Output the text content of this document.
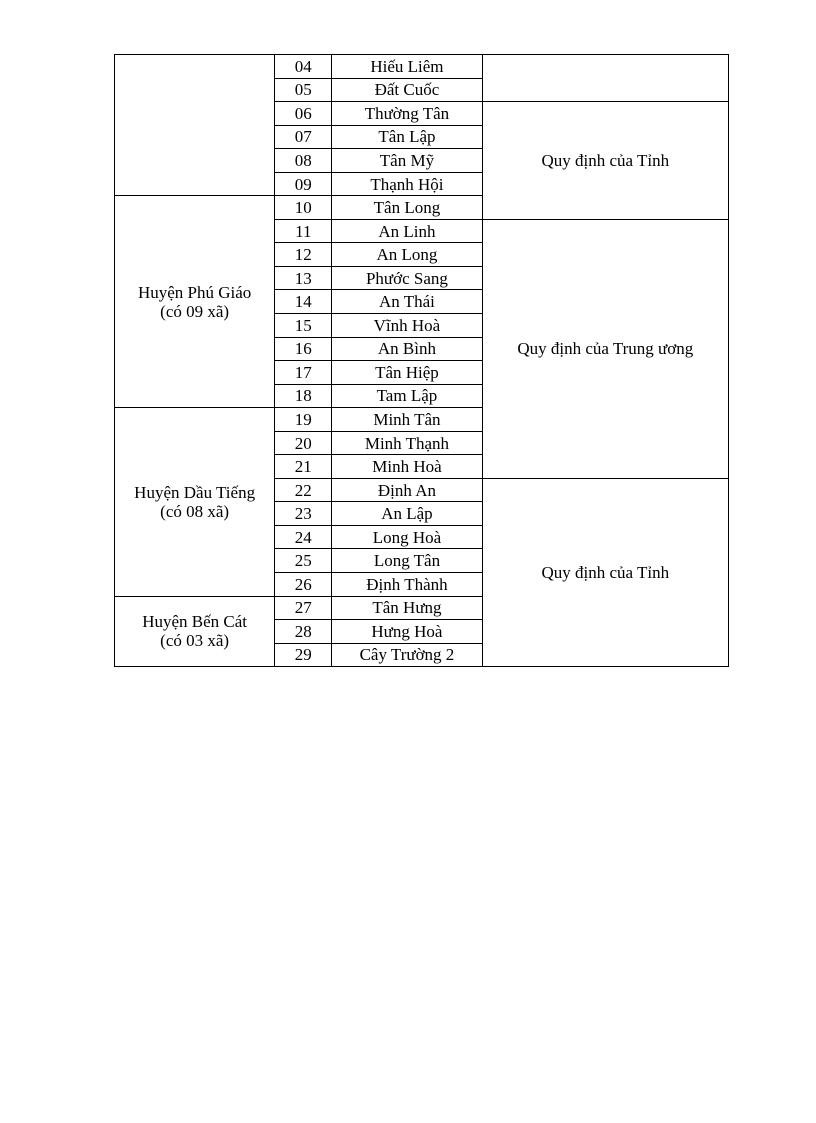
	04	Hiếu Liêm	
	05	Đất Cuốc	
	06	Thường Tân	Quy định của Tỉnh
	07	Tân Lập	
	08	Tân Mỹ	
	09	Thạnh Hội	

Huyện Phú Giáo
(có 09 xã)	10	Tân Long	
	11	An Linh	Quy định của Trung ương
	12	An Long	
	13	Phước Sang	
	14	An Thái	
	15	Vĩnh Hoà	
	16	An Bình	
	17	Tân Hiệp	
	18	Tam Lập	

Huyện Dầu Tiếng
(có 08 xã)	19	Minh Tân	
	20	Minh Thạnh	
	21	Minh Hoà	
	22	Định An	Quy định của Tỉnh
	23	An Lập	
	24	Long Hoà	
	25	Long Tân	
	26	Định Thành	

Huyện Bến Cát
(có 03 xã)	27	Tân Hưng	
	28	Hưng Hoà	
	29	Cây Trường 2	
